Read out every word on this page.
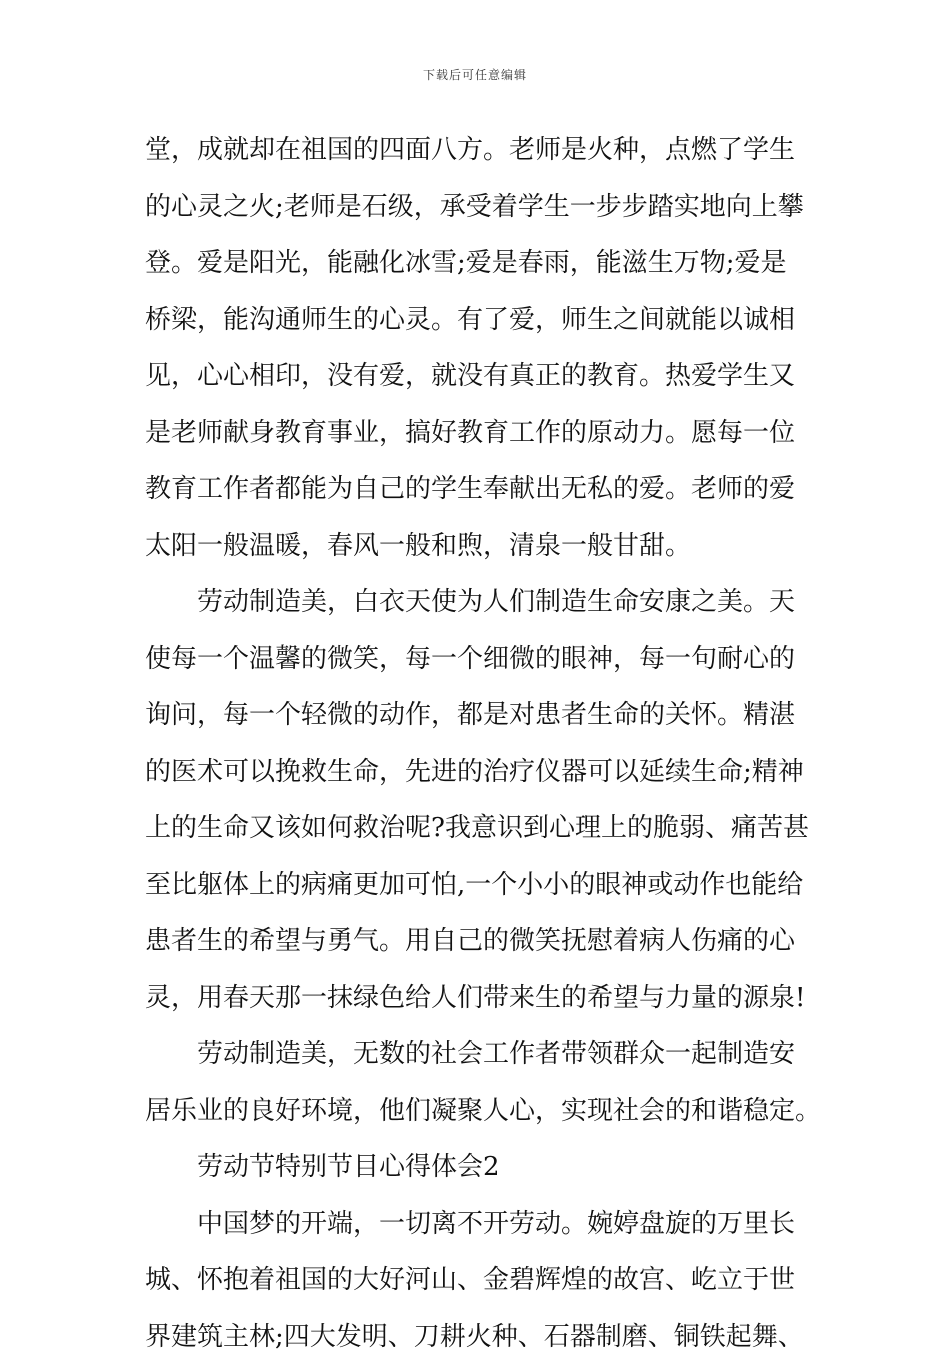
下载后可任意编辑
堂，成就却在祖国的四面八方。老师是火种，点燃了学生
的心灵之火;老师是石级，承受着学生一步步踏实地向上攀
登。爱是阳光，能融化冰雪;爱是春雨，能滋生万物;爱是
桥梁，能沟通师生的心灵。有了爱，师生之间就能以诚相
见，心心相印，没有爱，就没有真正的教育。热爱学生又
是老师献身教育事业，搞好教育工作的原动力。愿每一位
教育工作者都能为自己的学生奉献出无私的爱。老师的爱
太阳一般温暖，春风一般和煦，清泉一般甘甜。
劳动制造美，白衣天使为人们制造生命安康之美。天
使每一个温馨的微笑，每一个细微的眼神，每一句耐心的
询问，每一个轻微的动作，都是对患者生命的关怀。精湛
的医术可以挽救生命，先进的治疗仪器可以延续生命;精神
上的生命又该如何救治呢?我意识到心理上的脆弱、痛苦甚
至比躯体上的病痛更加可怕,一个小小的眼神或动作也能给
患者生的希望与勇气。用自己的微笑抚慰着病人伤痛的心
灵，用春天那一抹绿色给人们带来生的希望与力量的源泉!
劳动制造美，无数的社会工作者带领群众一起制造安
居乐业的良好环境，他们凝聚人心，实现社会的和谐稳定。
劳动节特别节目心得体会2
中国梦的开端，一切离不开劳动。婉婷盘旋的万里长
城、怀抱着祖国的大好河山、金碧辉煌的故宫、屹立于世
界建筑主林;四大发明、刀耕火种、石器制磨、铜铁起舞、
